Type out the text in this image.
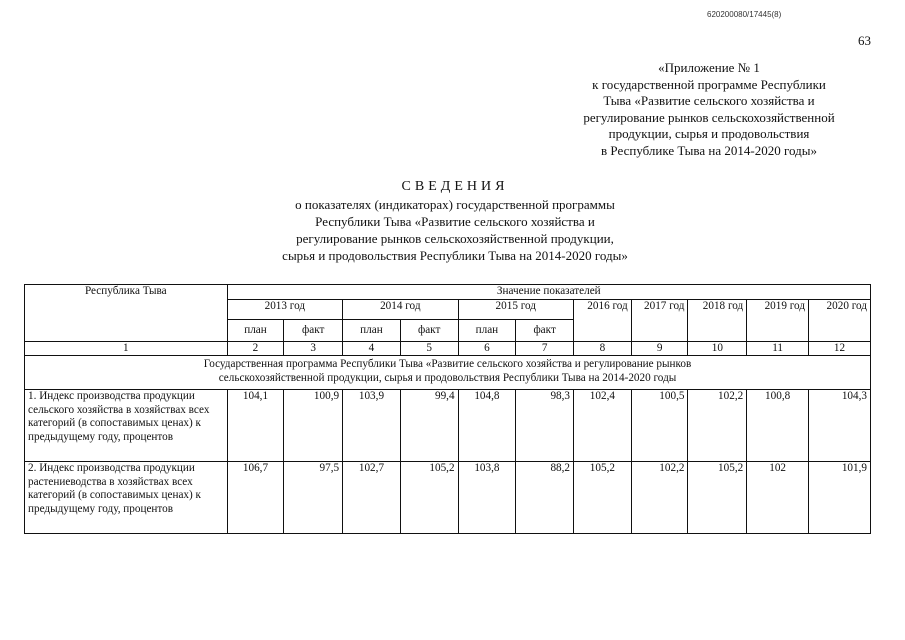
620200080/17445(8)
63
«Приложение № 1
к государственной программе Республики
Тыва «Развитие сельского хозяйства и
регулирование рынков сельскохозяйственной
продукции, сырья и продовольствия
в Республике Тыва на 2014-2020 годы»
СВЕДЕНИЯ
о показателях (индикаторах) государственной программы
Республики Тыва «Развитие сельского хозяйства и
регулирование рынков сельскохозяйственной продукции,
сырья и продовольствия Республики Тыва на 2014-2020 годы»
Республика Тыва	Значение показателей										
	2013 год		2014 год		2015 год		2016 год	2017 год	2018 год	2019 год	2020 год
	план	факт	план	факт	план	факт					
1	2	3	4	5	6	7	8	9	10	11	12
Государственная программа Республики Тыва «Развитие сельского хозяйства и регулирование рынков сельскохозяйственной продукции, сырья и продовольствия Республики Тыва на 2014-2020 годы											
1. Индекс производства продукции сельского хозяйства в хозяйствах всех категорий (в сопоставимых ценах) к предыдущему году, процентов	104,1	100,9	103,9	99,4	104,8	98,3	102,4	100,5	102,2	100,8	104,3
2. Индекс производства продукции растениеводства в хозяйствах всех категорий (в сопоставимых ценах) к предыдущему году, процентов	106,7	97,5	102,7	105,2	103,8	88,2	105,2	102,2	105,2	102	101,9
